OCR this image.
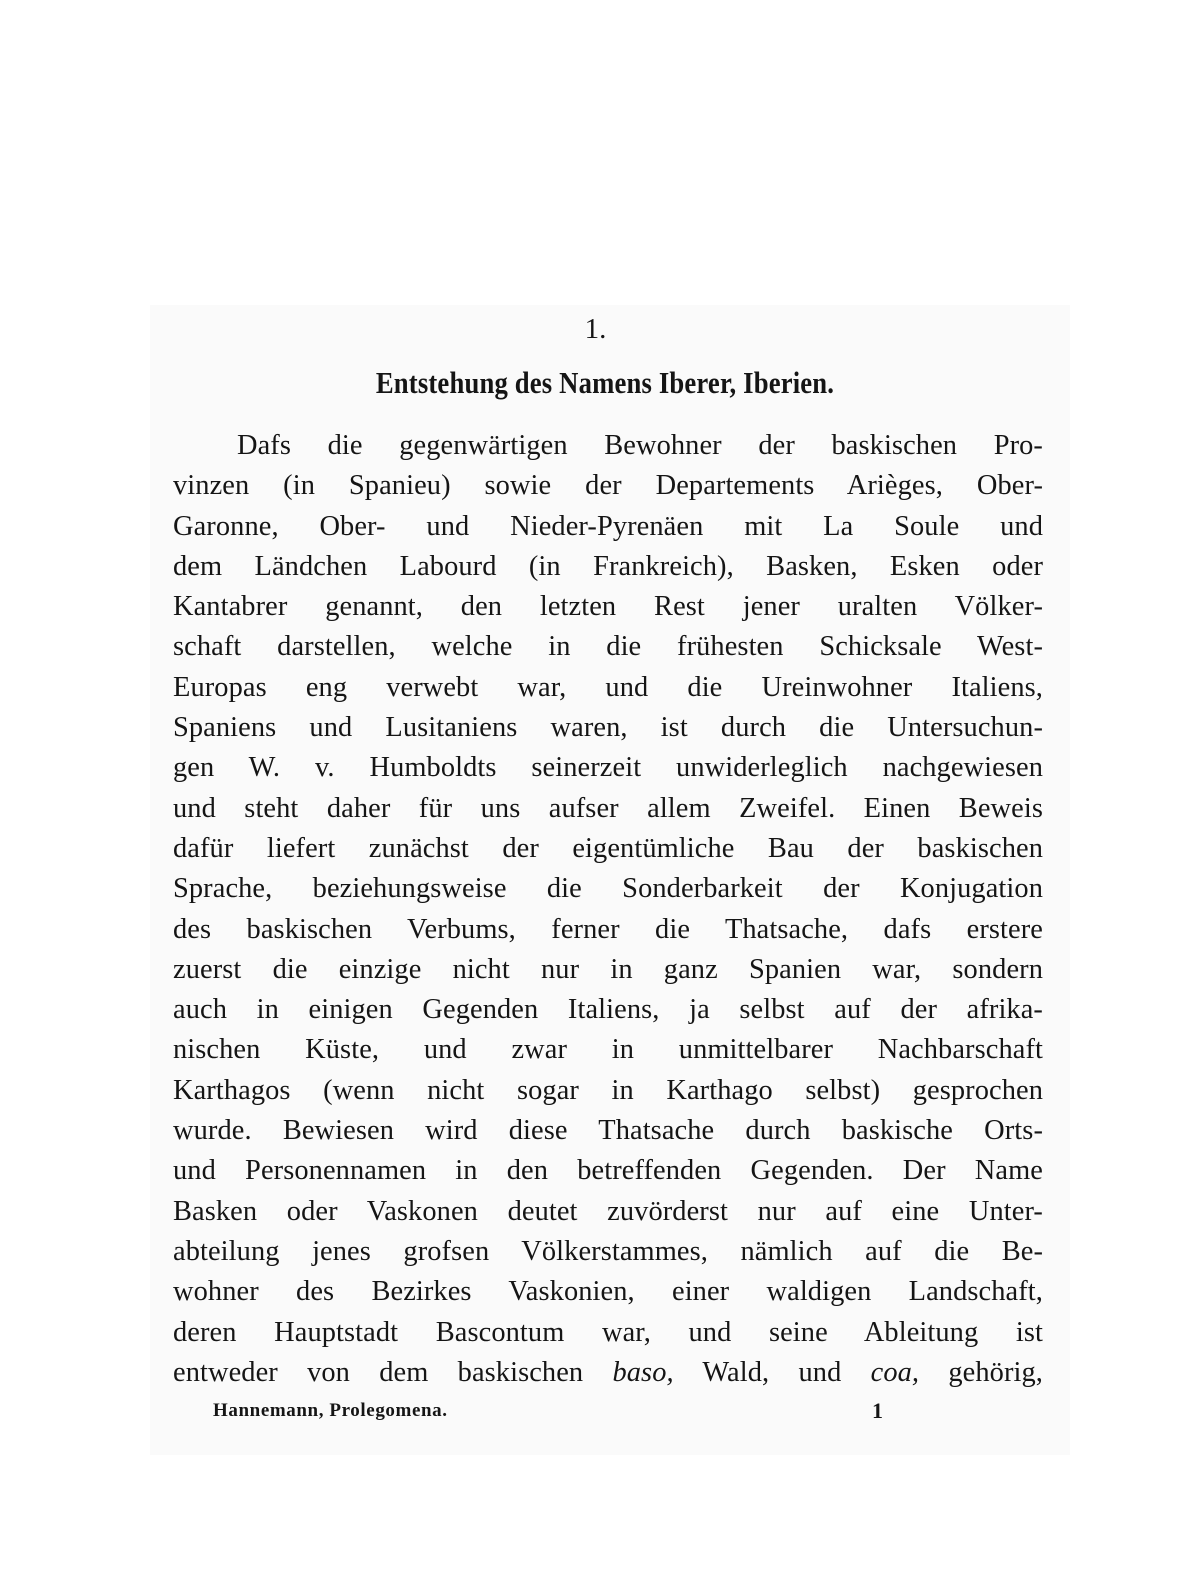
1.
Entstehung des Namens Iberer, Iberien.
Dafs die gegenwärtigen Bewohner der baskischen Pro-
vinzen (in Spanieu) sowie der Departements Arièges, Ober-
Garonne, Ober- und Nieder-Pyrenäen mit La Soule und
dem Ländchen Labourd (in Frankreich), Basken, Esken oder
Kantabrer genannt, den letzten Rest jener uralten Völker-
schaft darstellen, welche in die frühesten Schicksale West-
Europas eng verwebt war, und die Ureinwohner Italiens,
Spaniens und Lusitaniens waren, ist durch die Untersuchun-
gen W. v. Humboldts seinerzeit unwiderleglich nachgewiesen
und steht daher für uns aufser allem Zweifel. Einen Beweis
dafür liefert zunächst der eigentümliche Bau der baskischen
Sprache, beziehungsweise die Sonderbarkeit der Konjugation
des baskischen Verbums, ferner die Thatsache, dafs erstere
zuerst die einzige nicht nur in ganz Spanien war, sondern
auch in einigen Gegenden Italiens, ja selbst auf der afrika-
nischen Küste, und zwar in unmittelbarer Nachbarschaft
Karthagos (wenn nicht sogar in Karthago selbst) gesprochen
wurde. Bewiesen wird diese Thatsache durch baskische Orts-
und Personennamen in den betreffenden Gegenden. Der Name
Basken oder Vaskonen deutet zuvörderst nur auf eine Unter-
abteilung jenes grofsen Völkerstammes, nämlich auf die Be-
wohner des Bezirkes Vaskonien, einer waldigen Landschaft,
deren Hauptstadt Bascontum war, und seine Ableitung ist
entweder von dem baskischen baso, Wald, und coa, gehörig,
Hannemann, Prolegomena.	1
